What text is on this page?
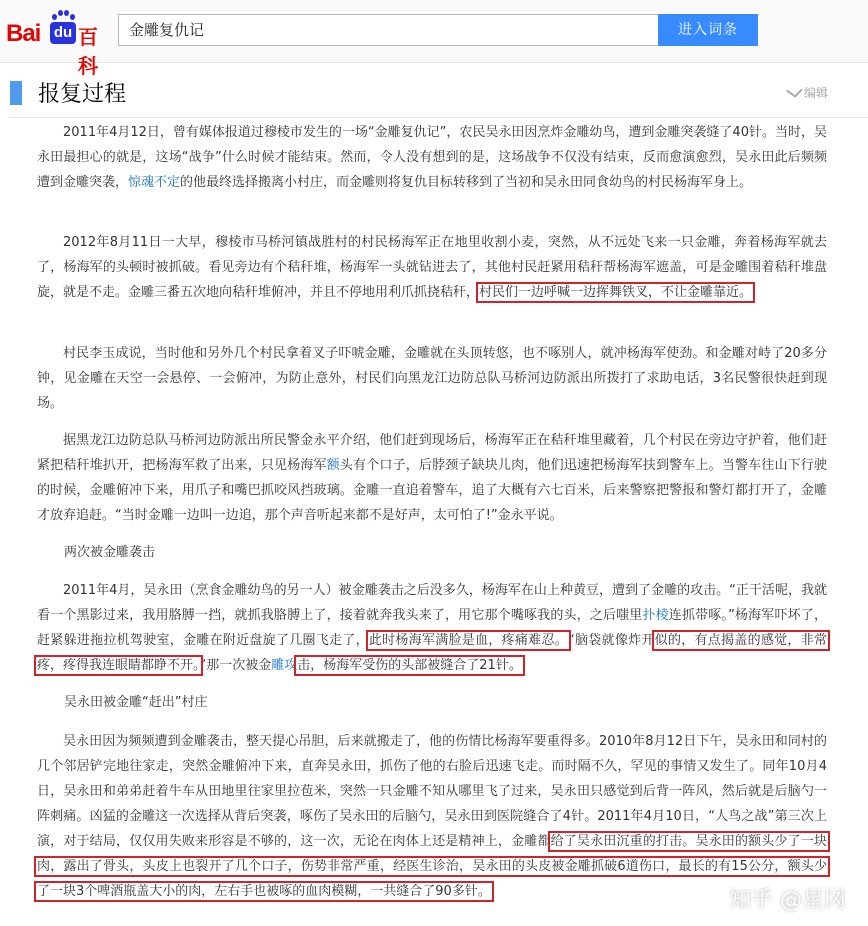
Bai du 百科
金雕复仇记	进入词条
报复过程	编辑

2011年4月12日，曾有媒体报道过穆棱市发生的一场“金雕复仇记”，农民吴永田因烹炸金雕幼鸟，遭到金雕突袭缝了40针。当时，吴永田最担心的就是，这场“战争”什么时候才能结束。然而，令人没有想到的是，这场战争不仅没有结束，反而愈演愈烈，吴永田此后频频遭到金雕突袭，惊魂不定的他最终选择搬离小村庄，而金雕则将复仇目标转移到了当初和吴永田同食幼鸟的村民杨海军身上。

2012年8月11日一大早，穆棱市马桥河镇战胜村的村民杨海军正在地里收割小麦，突然，从不远处飞来一只金雕，奔着杨海军就去了，杨海军的头顿时被抓破。看见旁边有个秸秆堆，杨海军一头就钻进去了，其他村民赶紧用秸秆帮杨海军遮盖，可是金雕围着秸秆堆盘旋，就是不走。金雕三番五次地向秸秆堆俯冲，并且不停地用利爪抓挠秸秆，村民们一边呼喊一边挥舞铁叉，不让金雕靠近。

村民李玉成说，当时他和另外几个村民拿着叉子吓唬金雕，金雕就在头顶转悠，也不啄别人，就冲杨海军使劲。和金雕对峙了20多分钟，见金雕在天空一会悬停、一会俯冲，为防止意外，村民们向黑龙江边防总队马桥河边防派出所拨打了求助电话，3名民警很快赶到现场。

据黑龙江边防总队马桥河边防派出所民警金永平介绍，他们赶到现场后，杨海军正在秸秆堆里藏着，几个村民在旁边守护着，他们赶紧把秸秆堆扒开，把杨海军救了出来，只见杨海军额头有个口子，后脖颈子缺块儿肉，他们迅速把杨海军扶到警车上。当警车往山下行驶的时候，金雕俯冲下来，用爪子和嘴巴抓咬风挡玻璃。金雕一直追着警车，追了大概有六七百米，后来警察把警报和警灯都打开了，金雕才放弃追赶。“当时金雕一边叫一边追，那个声音听起来都不是好声，太可怕了!”金永平说。

两次被金雕袭击

2011年4月，吴永田（烹食金雕幼鸟的另一人）被金雕袭击之后没多久，杨海军在山上种黄豆，遭到了金雕的攻击。“正干活呢，我就看一个黑影过来，我用胳膊一挡，就抓我胳膊上了，接着就奔我头来了，用它那个嘴啄我的头，之后嗤里扑棱连抓带啄。”杨海军吓坏了，赶紧躲进拖拉机驾驶室，金雕在附近盘旋了几圈飞走了，此时杨海军满脸是血，疼痛难忍。“脑袋就像炸开似的，有点揭盖的感觉，非常疼，疼得我连眼睛都睁不开。”那一次被金雕攻击，杨海军受伤的头部被缝合了21针。

吴永田被金雕“赶出”村庄

吴永田因为频频遭到金雕袭击，整天提心吊胆，后来就搬走了，他的伤情比杨海军要重得多。2010年8月12日下午，吴永田和同村的几个邻居铲完地往家走，突然金雕俯冲下来，直奔吴永田，抓伤了他的右脸后迅速飞走。而时隔不久，罕见的事情又发生了。同年10月4日，吴永田和弟弟赶着牛车从田地里往家里拉苞米，突然一只金雕不知从哪里飞了过来，吴永田只感觉到后背一阵风，然后就是后脑勺一阵刺痛。凶猛的金雕这一次选择从背后突袭，啄伤了吴永田的后脑勺，吴永田到医院缝合了4针。2011年4月10日，“人鸟之战”第三次上演，对于结局，仅仅用失败来形容是不够的，这一次，无论在肉体上还是精神上，金雕都给了吴永田沉重的打击。吴永田的额头少了一块肉，露出了骨头，头皮上也裂开了几个口子，伤势非常严重，经医生诊治，吴永田的头皮被金雕抓破6道伤口，最长的有15公分，额头少了一块3个啤酒瓶盖大小的肉，左右手也被啄的血肉模糊，一共缝合了90多针。	知乎 @星冈
